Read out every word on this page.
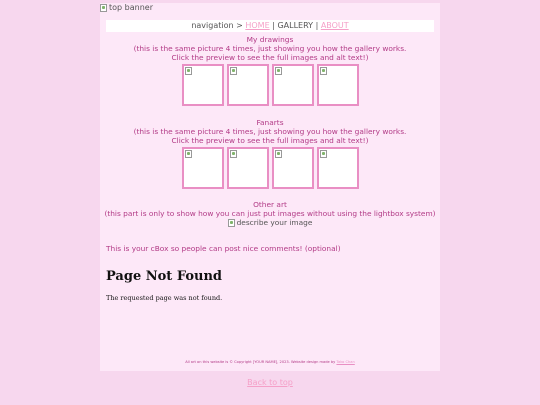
top banner
navigation > HOME | GALLERY | ABOUT
My drawings
(this is the same picture 4 times, just showing you how the gallery works.
Click the preview to see the full images and alt text!)
Fanarts
(this is the same picture 4 times, just showing you how the gallery works.
Click the preview to see the full images and alt text!)
Other art
(this part is only to show how you can just put images without using the lightbox system)
describe your image
This is your cBox so people can post nice comments! (optional)
Page Not Found
The requested page was not found.
All art on this website is © Copyright [YOUR NAME], 2023. Website design made by Tako Chan
Back to top
